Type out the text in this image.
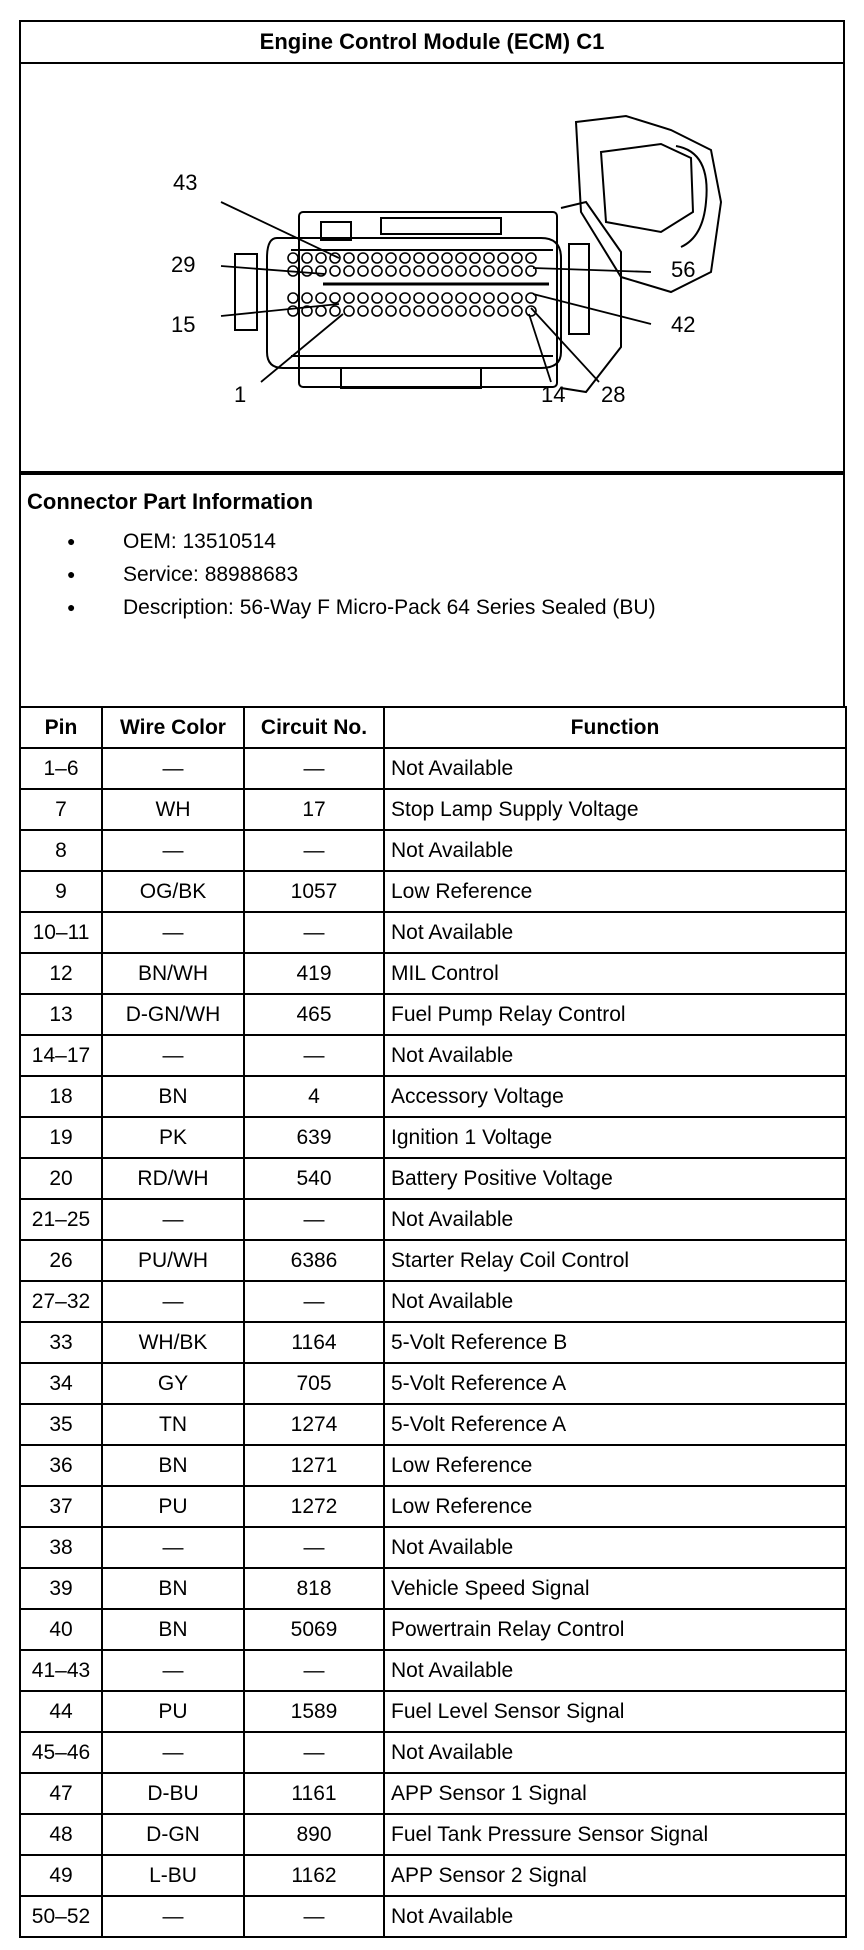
Engine Control Module (ECM) C1
43
29
15
1	14 28
42
56
Connector Part Information
● OEM: 13510514
● Service: 88988683
● Description: 56-Way F Micro-Pack 64 Series Sealed (BU)
Pin	Wire Color	Circuit No.	Function
1–6	—	—	Not Available
7	WH	17	Stop Lamp Supply Voltage
8	—	—	Not Available
9	OG/BK	1057	Low Reference
10–11	—	—	Not Available
12	BN/WH	419	MIL Control
13	D-GN/WH	465	Fuel Pump Relay Control
14–17	—	—	Not Available
18	BN	4	Accessory Voltage
19	PK	639	Ignition 1 Voltage
20	RD/WH	540	Battery Positive Voltage
21–25	—	—	Not Available
26	PU/WH	6386	Starter Relay Coil Control
27–32	—	—	Not Available
33	WH/BK	1164	5-Volt Reference B
34	GY	705	5-Volt Reference A
35	TN	1274	5-Volt Reference A
36	BN	1271	Low Reference
37	PU	1272	Low Reference
38	—	—	Not Available
39	BN	818	Vehicle Speed Signal
40	BN	5069	Powertrain Relay Control
41–43	—	—	Not Available
44	PU	1589	Fuel Level Sensor Signal
45–46	—	—	Not Available
47	D-BU	1161	APP Sensor 1 Signal
48	D-GN	890	Fuel Tank Pressure Sensor Signal
49	L-BU	1162	APP Sensor 2 Signal
50–52	—	—	Not Available
